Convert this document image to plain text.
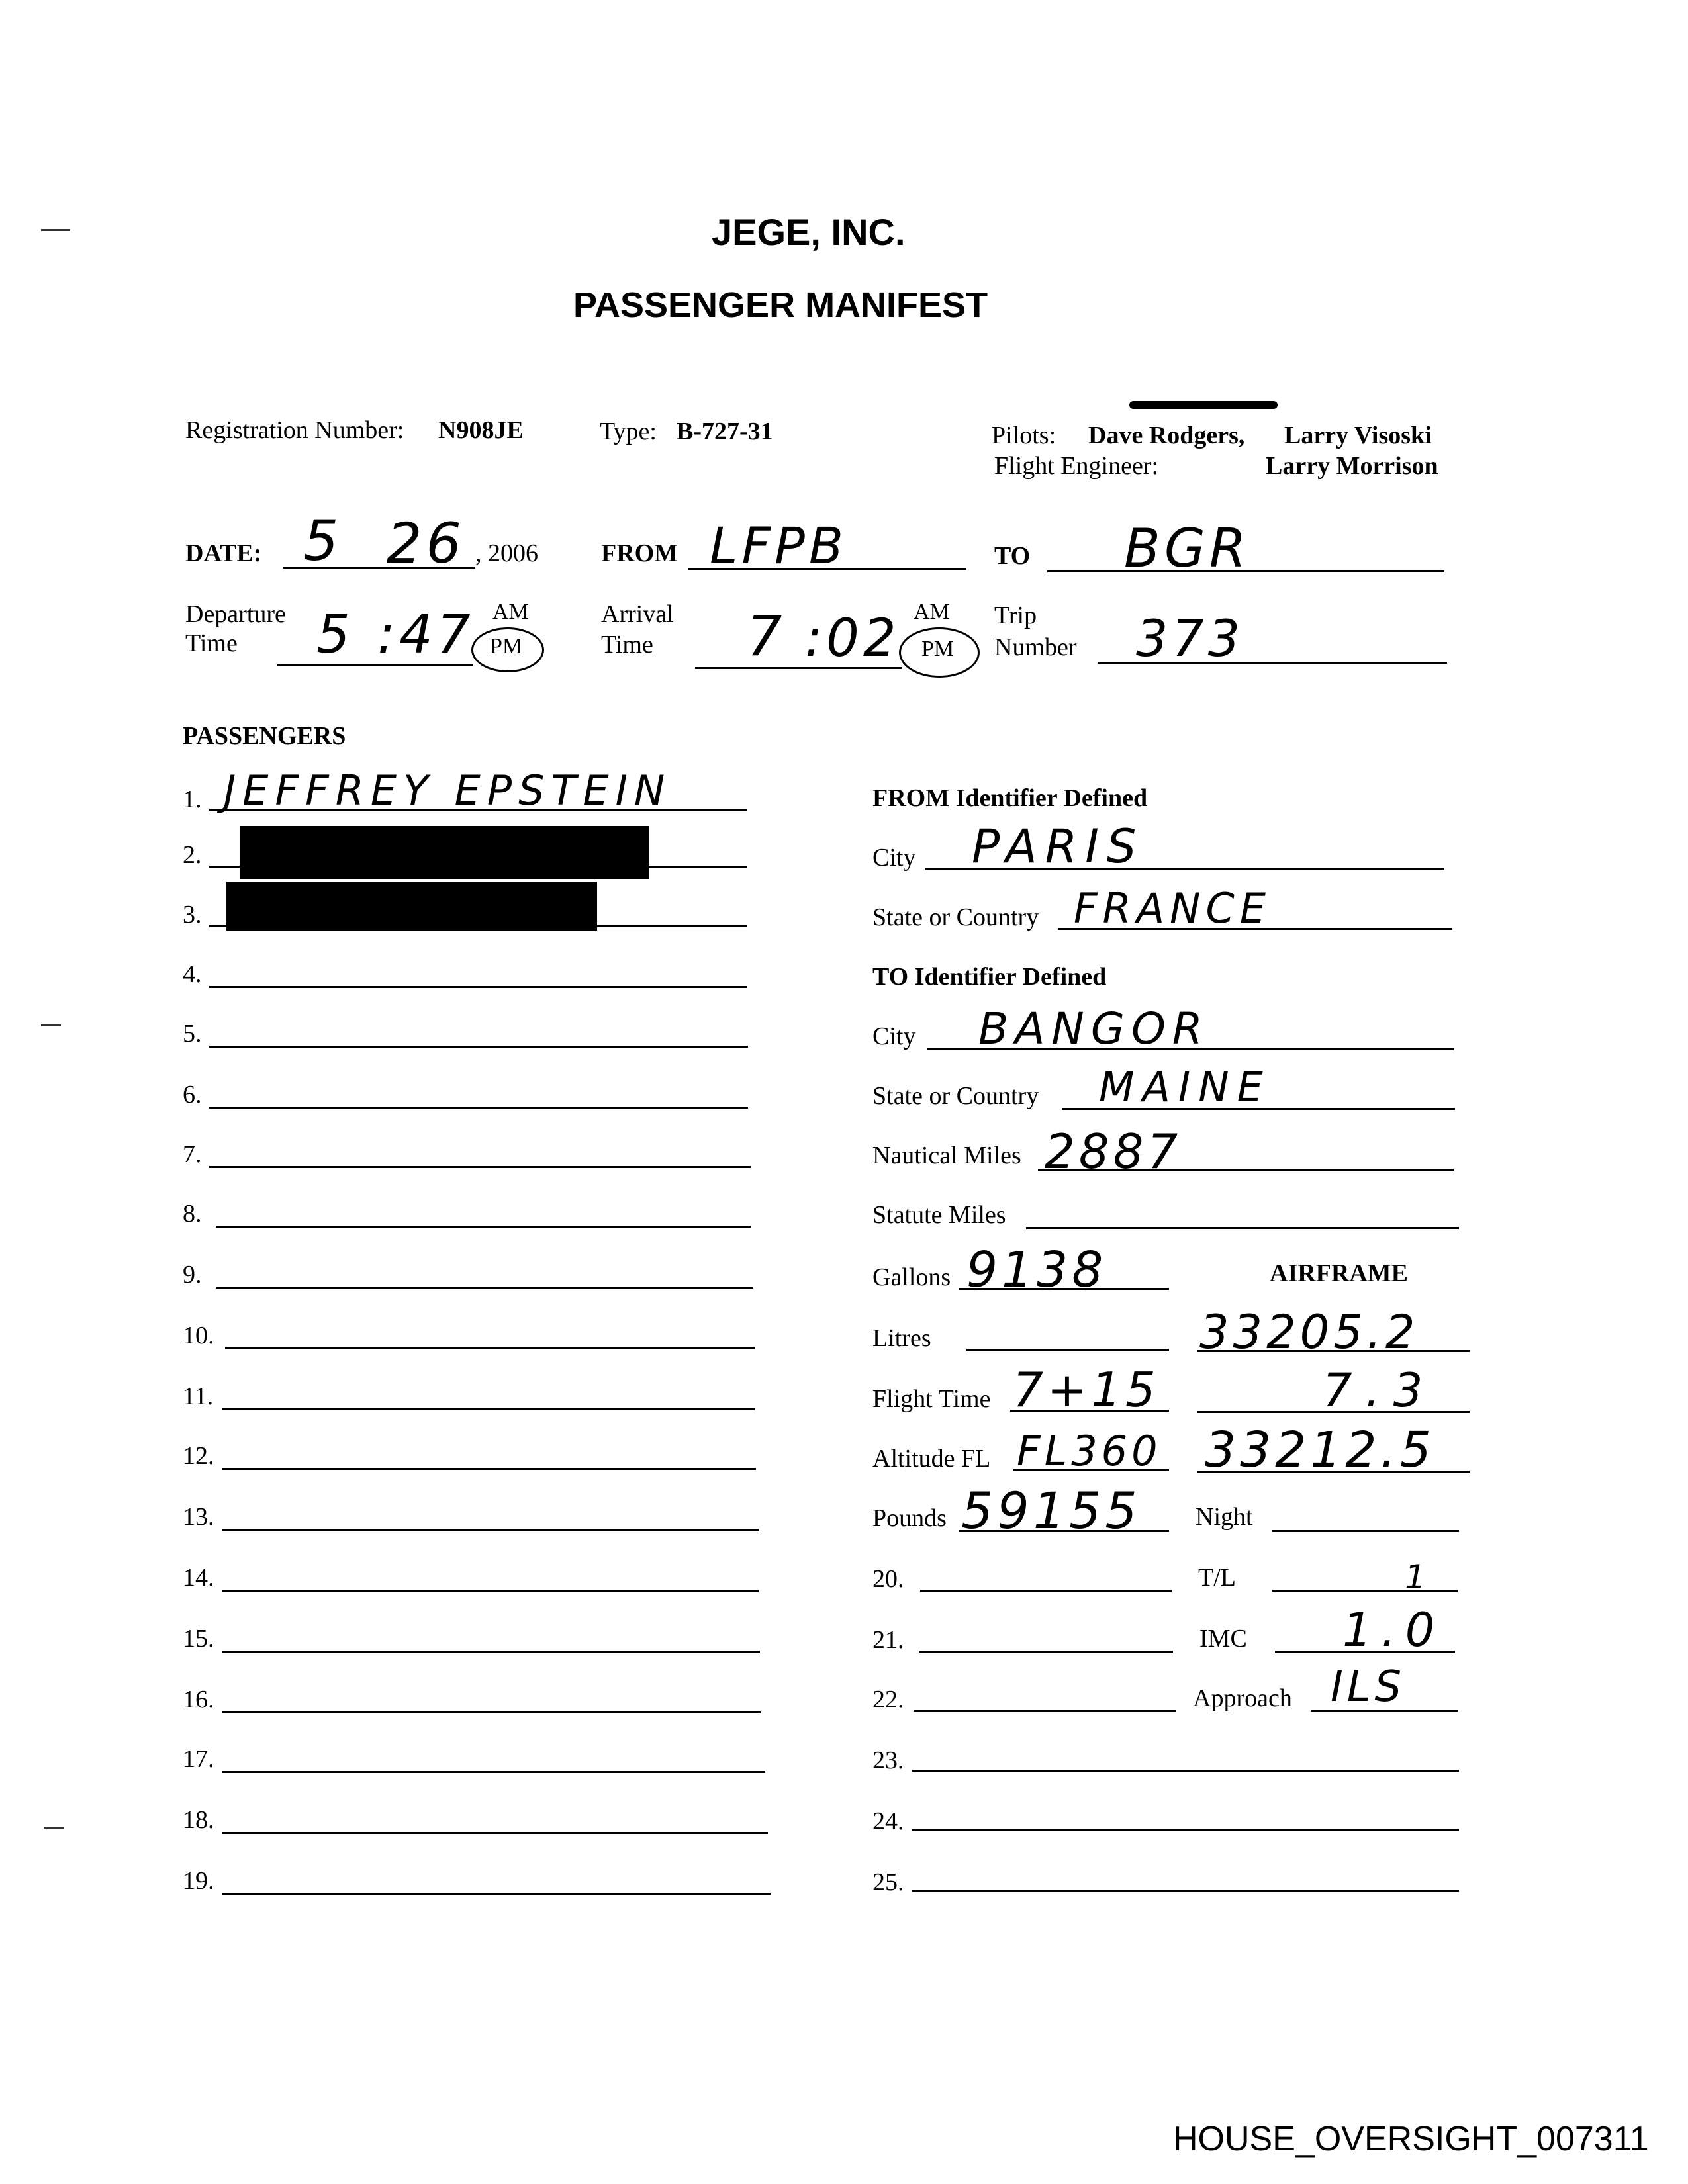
JEGE, INC.
PASSENGER MANIFEST
Registration Number: N908JE	Type: B-727-31	Pilots: Dave Rodgers, Larry Visoski
Flight Engineer:	Larry Morrison
DATE: 5 26 , 2006	FROM LFPB	TO BGR
Departure
Time 5 :47 AM
PM
Arrival
Time 7 :02 AM
PM
Trip
Number 373
PASSENGERS
1. JEFFREY EPSTEIN
2.
3.
4.
5.
6.
7.
8.
9.
10.
11.
12.
13.
14.
15.
16.
17.
18.
19.
FROM Identifier Defined
City PARIS
State or Country FRANCE
TO Identifier Defined
City BANGOR
State or Country MAINE
Nautical Miles 2887
Statute Miles
Gallons 9138	AIRFRAME
Litres	33205.2
Flight Time 7+15	7.3
Altitude FL FL360 33212.5
Pounds 59155 Night
20.	T/L	1
21.	IMC 1.0
22.	Approach ILS
23.
24.
25.
HOUSE_OVERSIGHT_007311
